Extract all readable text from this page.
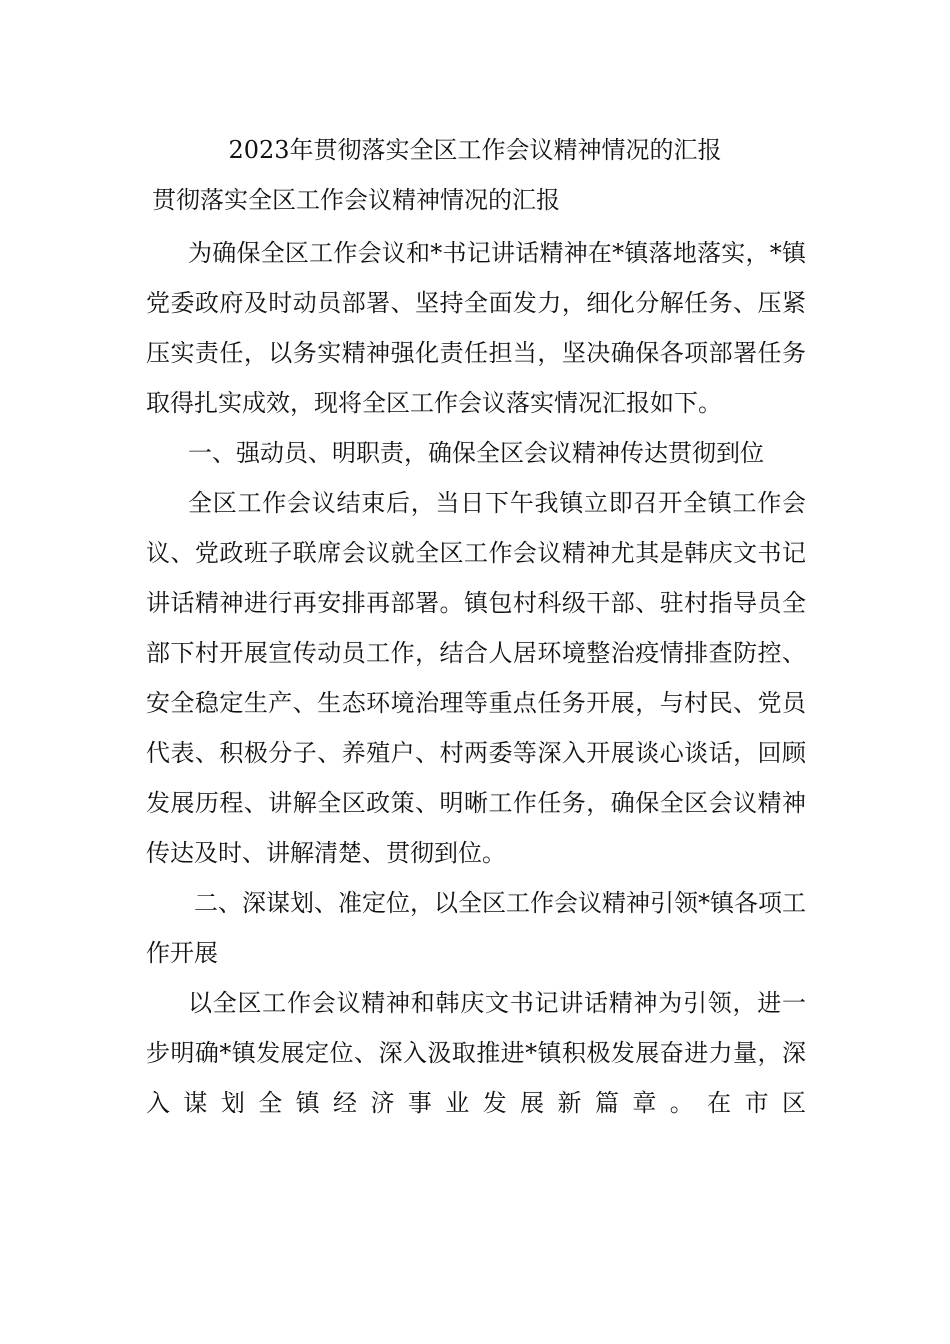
2023年贯彻落实全区工作会议精神情况的汇报
贯彻落实全区工作会议精神情况的汇报

为确保全区工作会议和*书记讲话精神在*镇落地落实，*镇党委政府及时动员部署、坚持全面发力，细化分解任务、压紧压实责任，以务实精神强化责任担当，坚决确保各项部署任务取得扎实成效，现将全区工作会议落实情况汇报如下。

一、强动员、明职责，确保全区会议精神传达贯彻到位

全区工作会议结束后，当日下午我镇立即召开全镇工作会议、党政班子联席会议就全区工作会议精神尤其是韩庆文书记讲话精神进行再安排再部署。镇包村科级干部、驻村指导员全部下村开展宣传动员工作，结合人居环境整治疫情排查防控、安全稳定生产、生态环境治理等重点任务开展，与村民、党员代表、积极分子、养殖户、村两委等深入开展谈心谈话，回顾发展历程、讲解全区政策、明晰工作任务，确保全区会议精神传达及时、讲解清楚、贯彻到位。

二、深谋划、准定位，以全区工作会议精神引领*镇各项工作开展

以全区工作会议精神和韩庆文书记讲话精神为引领，进一步明确*镇发展定位、深入汲取推进*镇积极发展奋进力量，深入谋划全镇经济事业发展新篇章。在市区
